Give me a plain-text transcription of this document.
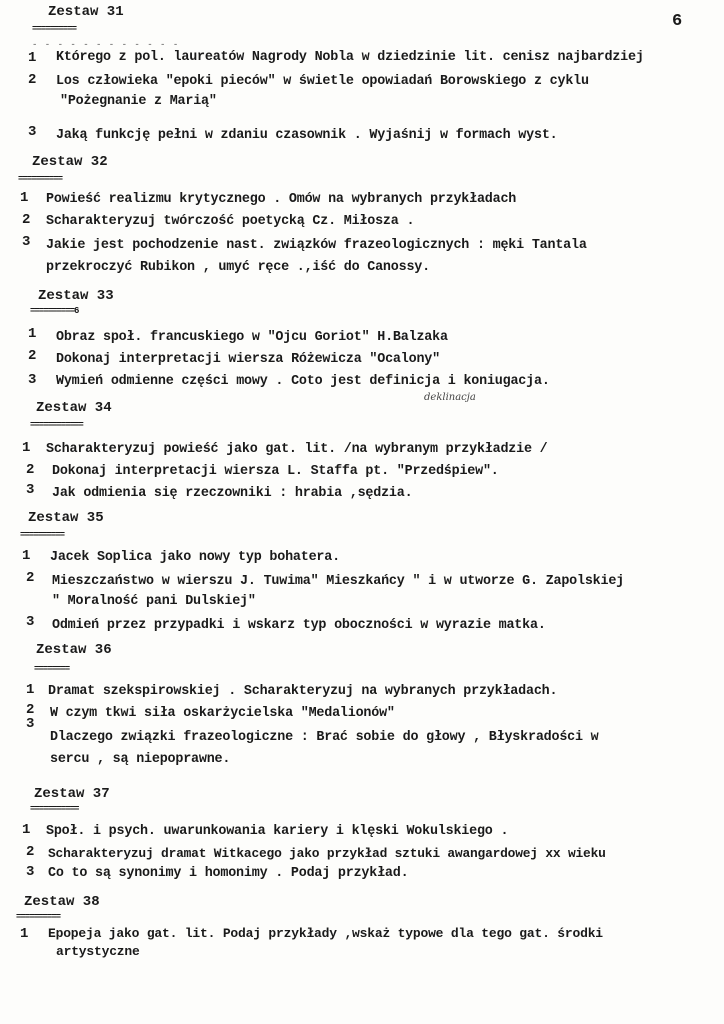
6
- - - - - - - - - - - -
Zestaw 31
==========
1 Którego z pol. laureatów Nagrody Nobla w dziedzinie lit. cenisz najbardziej
2 Los człowieka "epoki pieców" w świetle opowiadań Borowskiego z cyklu
"Pożegnanie z Marią"
3 Jaką funkcję pełni w zdaniu czasownik . Wyjaśnij w formach wyst.
Zestaw 32
==========
1 Powieść realizmu krytycznego . Omów na wybranych przykładach
2 Scharakteryzuj twórczość poetycką Cz. Miłosza .
3 Jakie jest pochodzenie nast. związków frazeologicznych : męki Tantala
przekroczyć Rubikon , umyć ręce .,iść do Canossy.
Zestaw 33
==========6
1 Obraz społ. francuskiego w "Ojcu Goriot" H.Balzaka
2 Dokonaj interpretacji wiersza Różewicza "Ocalony"
3 Wymień odmienne części mowy . Coto jest definicja i koniugacja.
deklinacja
Zestaw 34
============
1 Scharakteryzuj powieść jako gat. lit. /na wybranym przykładzie /
2 Dokonaj interpretacji wiersza L. Staffa pt. "Przedśpiew".
3 Jak odmienia się rzeczowniki : hrabia ,sędzia.
Zestaw 35
==========
1 Jacek Soplica jako nowy typ bohatera.
2 Mieszczaństwo w wierszu J. Tuwima" Mieszkańcy " i w utworze G. Zapolskiej
" Moralność pani Dulskiej"
3 Odmień przez przypadki i wskarz typ oboczności w wyrazie matka.
Zestaw 36
========
1 Dramat szekspirowskiej . Scharakteryzuj na wybranych przykładach.
2 W czym tkwi siła oskarżycielska "Medalionów"
3
Dlaczego związki frazeologiczne : Brać sobie do głowy , Błyskradości w
sercu , są niepoprawne.
Zestaw 37
===========
1 Społ. i psych. uwarunkowania kariery i klęski Wokulskiego .
2 Scharakteryzuj dramat Witkacego jako przykład sztuki awangardowej xx wieku
3 Co to są synonimy i homonimy . Podaj przykład.
Zestaw 38
==========
1 Epopeja jako gat. lit. Podaj przykłady ,wskaż typowe dla tego gat. środki
artystyczne
